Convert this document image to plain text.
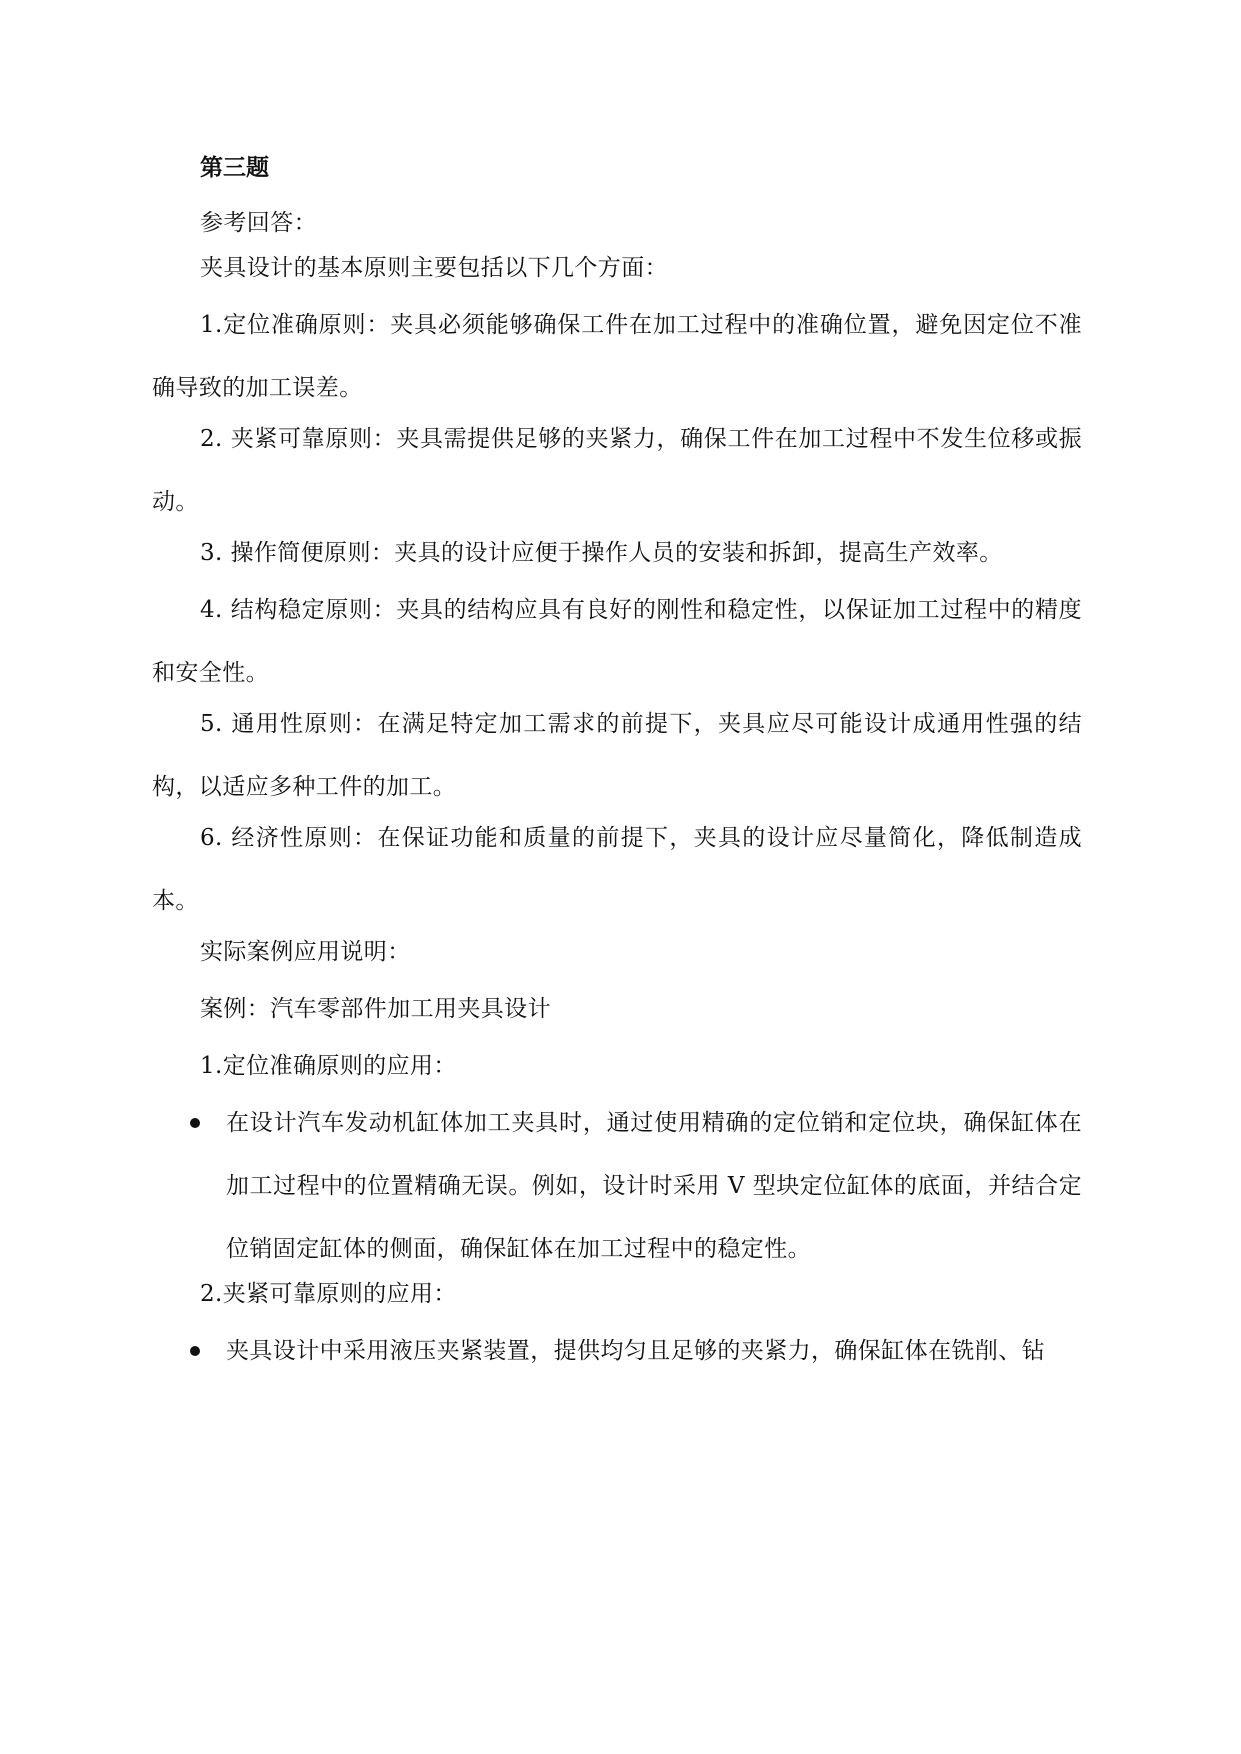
第三题

参考回答：

夹具设计的基本原则主要包括以下几个方面：

1.定位准确原则：夹具必须能够确保工件在加工过程中的准确位置，避免因定位不准确导致的加工误差。

2. 夹紧可靠原则：夹具需提供足够的夹紧力，确保工件在加工过程中不发生位移或振动。

3. 操作简便原则：夹具的设计应便于操作人员的安装和拆卸，提高生产效率。

4. 结构稳定原则：夹具的结构应具有良好的刚性和稳定性，以保证加工过程中的精度和安全性。

5. 通用性原则：在满足特定加工需求的前提下，夹具应尽可能设计成通用性强的结构，以适应多种工件的加工。

6. 经济性原则：在保证功能和质量的前提下，夹具的设计应尽量简化，降低制造成本。

实际案例应用说明：

案例：汽车零部件加工用夹具设计

1.定位准确原则的应用：

在设计汽车发动机缸体加工夹具时，通过使用精确的定位销和定位块，确保缸体在加工过程中的位置精确无误。例如，设计时采用 V 型块定位缸体的底面，并结合定位销固定缸体的侧面，确保缸体在加工过程中的稳定性。

2.夹紧可靠原则的应用：

夹具设计中采用液压夹紧装置，提供均匀且足够的夹紧力，确保缸体在铣削、钻
